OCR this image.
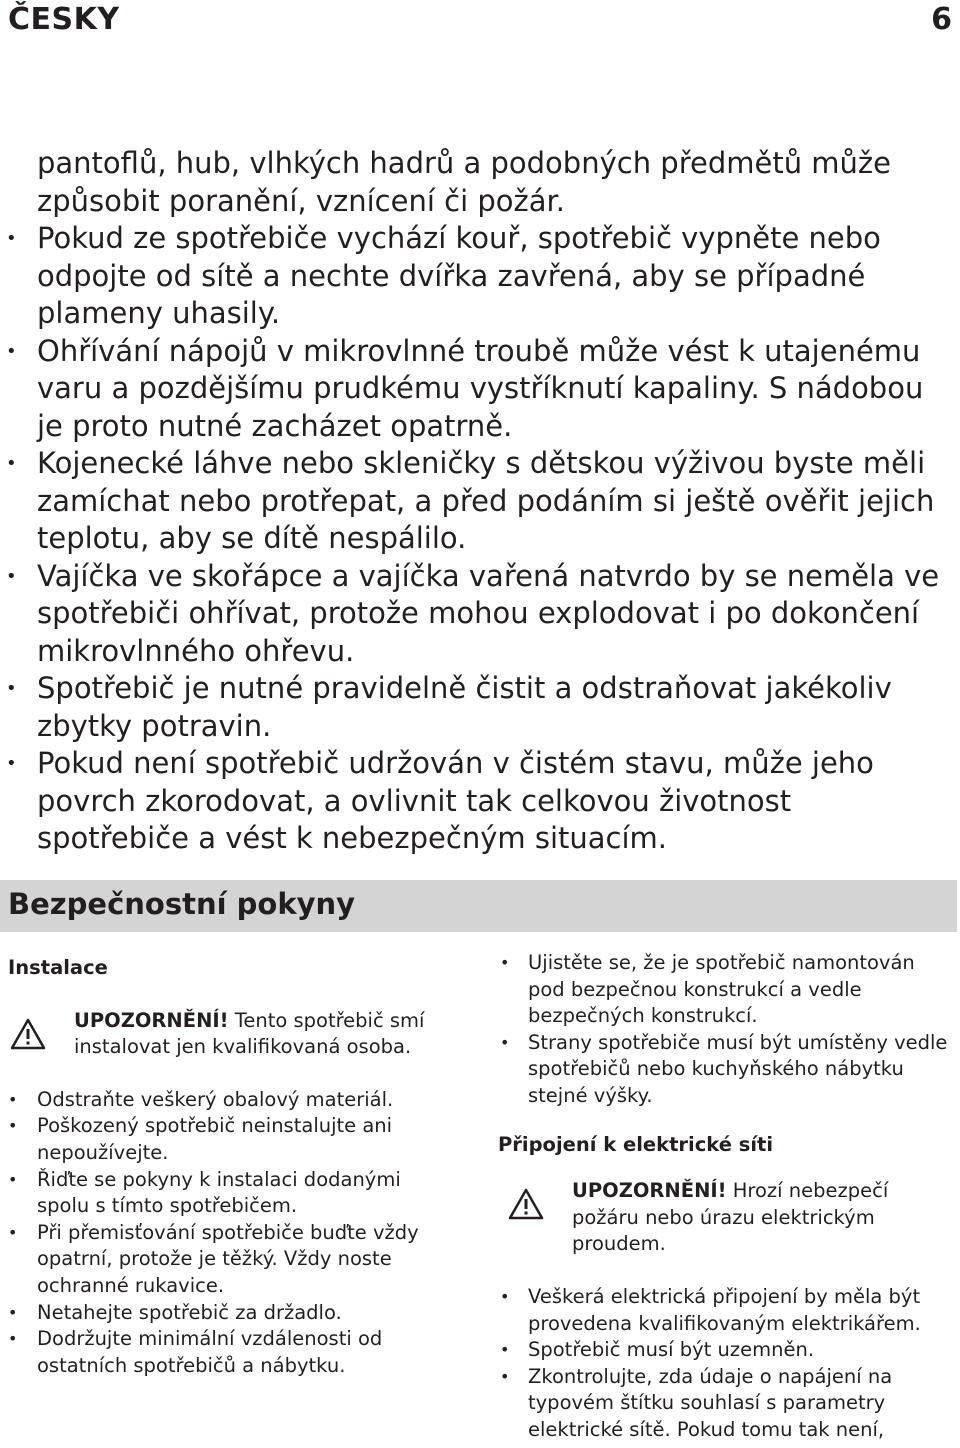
ČESKY	6

pantoflů, hub, vlhkých hadrů a podobných předmětů může způsobit poranění, vznícení či požár.

• Pokud ze spotřebiče vychází kouř, spotřebič vypněte nebo odpojte od sítě a nechte dvířka zavřená, aby se případné plameny uhasily.
• Ohřívání nápojů v mikrovlnné troubě může vést k utajenému varu a pozdějšímu prudkému vystříknutí kapaliny. S nádobou je proto nutné zacházet opatrně.
• Kojenecké láhve nebo skleničky s dětskou výživou byste měli zamíchat nebo protřepat, a před podáním si ještě ověřit jejich teplotu, aby se dítě nespálilo.
• Vajíčka ve skořápce a vajíčka vařená natvrdo by se neměla ve spotřebiči ohřívat, protože mohou explodovat i po dokončení mikrovlnného ohřevu.
• Spotřebič je nutné pravidelně čistit a odstraňovat jakékoliv zbytky potravin.
• Pokud není spotřebič udržován v čistém stavu, může jeho povrch zkorodovat, a ovlivnit tak celkovou životnost spotřebiče a vést k nebezpečným situacím.
Bezpečnostní pokyny

Instalace

UPOZORNĚNÍ! Tento spotřebič smí instalovat jen kvalifikovaná osoba.
• Odstraňte veškerý obalový materiál.
• Poškozený spotřebič neinstalujte ani nepoužívejte.
• Řiďte se pokyny k instalaci dodanými spolu s tímto spotřebičem.
• Při přemisťování spotřebiče buďte vždy opatrní, protože je těžký. Vždy noste ochranné rukavice.
• Netahejte spotřebič za držadlo.
• Dodržujte minimální vzdálenosti od ostatních spotřebičů a nábytku.
• Ujistěte se, že je spotřebič namontován pod bezpečnou konstrukcí a vedle bezpečných konstrukcí.
• Strany spotřebiče musí být umístěny vedle spotřebičů nebo kuchyňského nábytku stejné výšky.

Připojení k elektrické síti

UPOZORNĚNÍ! Hrozí nebezpečí požáru nebo úrazu elektrickým proudem.
• Veškerá elektrická připojení by měla být provedena kvalifikovaným elektrikářem.
• Spotřebič musí být uzemněn.
• Zkontrolujte, zda údaje o napájení na typovém štítku souhlasí s parametry elektrické sítě. Pokud tomu tak není,
